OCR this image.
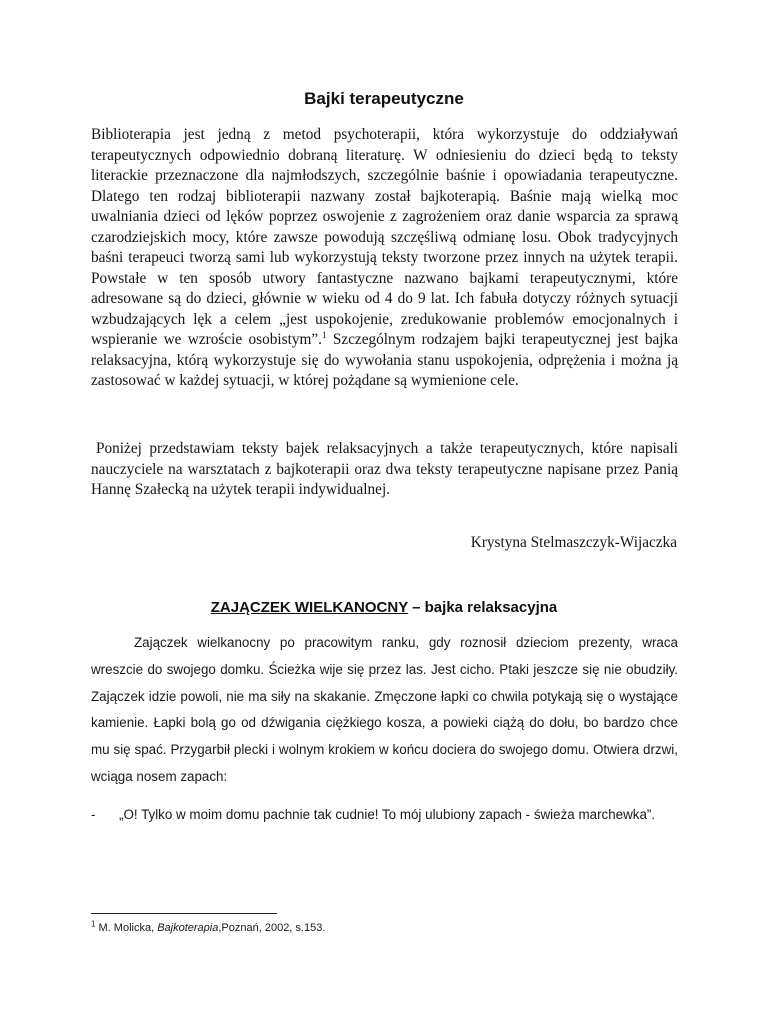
Bajki terapeutyczne

Biblioterapia jest jedną z metod psychoterapii, która wykorzystuje do oddziaływań terapeutycznych odpowiednio dobraną literaturę. W odniesieniu do dzieci będą to teksty literackie przeznaczone dla najmłodszych, szczególnie baśnie i opowiadania terapeutyczne. Dlatego ten rodzaj biblioterapii nazwany został bajkoterapią. Baśnie mają wielką moc uwalniania dzieci od lęków poprzez oswojenie z zagrożeniem oraz danie wsparcia za sprawą czarodziejskich mocy, które zawsze powodują szczęśliwą odmianę losu. Obok tradycyjnych baśni terapeuci tworzą sami lub wykorzystują teksty tworzone przez innych na użytek terapii. Powstałe w ten sposób utwory fantastyczne nazwano bajkami terapeutycznymi, które adresowane są do dzieci, głównie w wieku od 4 do 9 lat. Ich fabuła dotyczy różnych sytuacji wzbudzających lęk a celem „jest uspokojenie, zredukowanie problemów emocjonalnych i wspieranie we wzroście osobistym”.$^1$ Szczególnym rodzajem bajki terapeutycznej jest bajka relaksacyjna, którą wykorzystuje się do wywołania stanu uspokojenia, odprężenia i można ją zastosować w każdej sytuacji, w której pożądane są wymienione cele.

Poniżej przedstawiam teksty bajek relaksacyjnych a także terapeutycznych, które napisali nauczyciele na warsztatach z bajkoterapii oraz dwa teksty terapeutyczne napisane przez Panią Hannę Szałecką na użytek terapii indywidualnej.

Krystyna Stelmaszczyk-Wijaczka
ZAJĄCZEK WIELKANOCNY – bajka relaksacyjna

Zajączek wielkanocny po pracowitym ranku, gdy roznosił dzieciom prezenty, wraca wreszcie do swojego domku. Ścieżka wije się przez las. Jest cicho. Ptaki jeszcze się nie obudziły. Zajączek idzie powoli, nie ma siły na skakanie. Zmęczone łapki co chwila potykają się o wystające kamienie. Łapki bolą go od dźwigania ciężkiego kosza, a powieki ciążą do dołu, bo bardzo chce mu się spać. Przygarbił plecki i wolnym krokiem w końcu dociera do swojego domu. Otwiera drzwi, wciąga nosem zapach:

- „O! Tylko w moim domu pachnie tak cudnie! To mój ulubiony zapach - świeża marchewka”.

$^1$ M. Molicka, Bajkoterapia,Poznań, 2002, s.153.
